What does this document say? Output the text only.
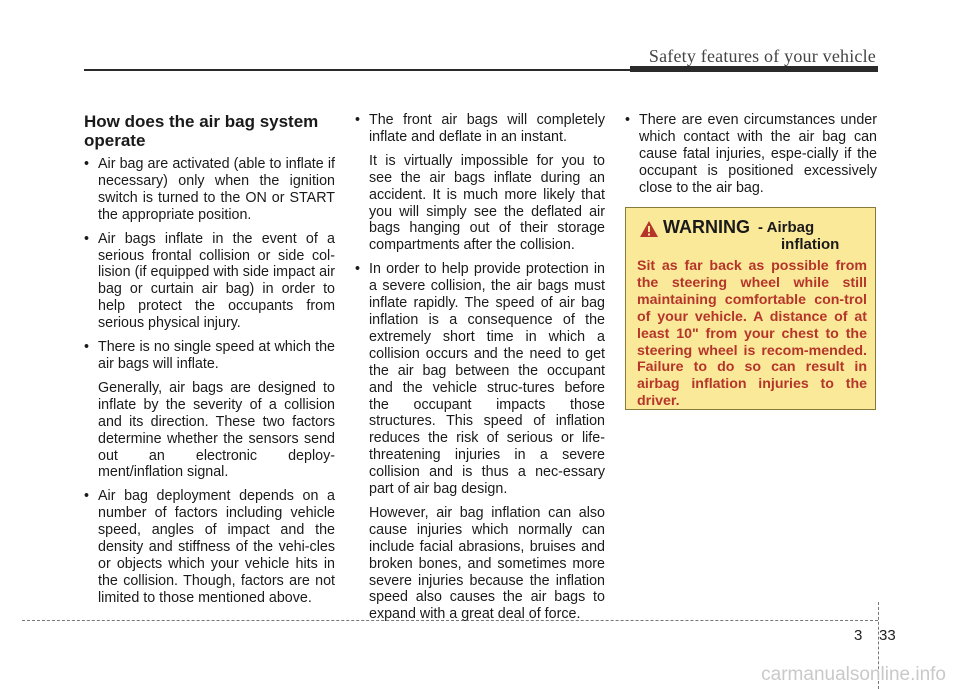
Safety features of your vehicle
How does the air bag system operate
• Air bag are activated (able to inflate if necessary) only when the ignition switch is turned to the ON or START the appropriate position.
• Air bags inflate in the event of a serious frontal collision or side col-lision (if equipped with side impact air bag or curtain air bag) in order to help protect the occupants from serious physical injury.
• There is no single speed at which the air bags will inflate.
Generally, air bags are designed to inflate by the severity of a collision and its direction. These two factors determine whether the sensors send out an electronic deploy-ment/inflation signal.
• Air bag deployment depends on a number of factors including vehicle speed, angles of impact and the density and stiffness of the vehi-cles or objects which your vehicle hits in the collision. Though, factors are not limited to those mentioned above.
• The front air bags will completely inflate and deflate in an instant.
It is virtually impossible for you to see the air bags inflate during an accident. It is much more likely that you will simply see the deflated air bags hanging out of their storage compartments after the collision.
• In order to help provide protection in a severe collision, the air bags must inflate rapidly. The speed of air bag inflation is a consequence of the extremely short time in which a collision occurs and the need to get the air bag between the occupant and the vehicle struc-tures before the occupant impacts those structures. This speed of inflation reduces the risk of serious or life-threatening injuries in a severe collision and is thus a nec-essary part of air bag design.
However, air bag inflation can also cause injuries which normally can include facial abrasions, bruises and broken bones, and sometimes more severe injuries because the inflation speed also causes the air bags to expand with a great deal of force.
• There are even circumstances under which contact with the air bag can cause fatal injuries, espe-cially if the occupant is positioned excessively close to the air bag.
WARNING - Airbag
inflation
Sit as far back as possible from the steering wheel while still maintaining comfortable con-trol of your vehicle. A distance of at least 10" from your chest to the steering wheel is recom-mended. Failure to do so can result in airbag inflation injuries to the driver.
3 33
carmanualsonline.info
